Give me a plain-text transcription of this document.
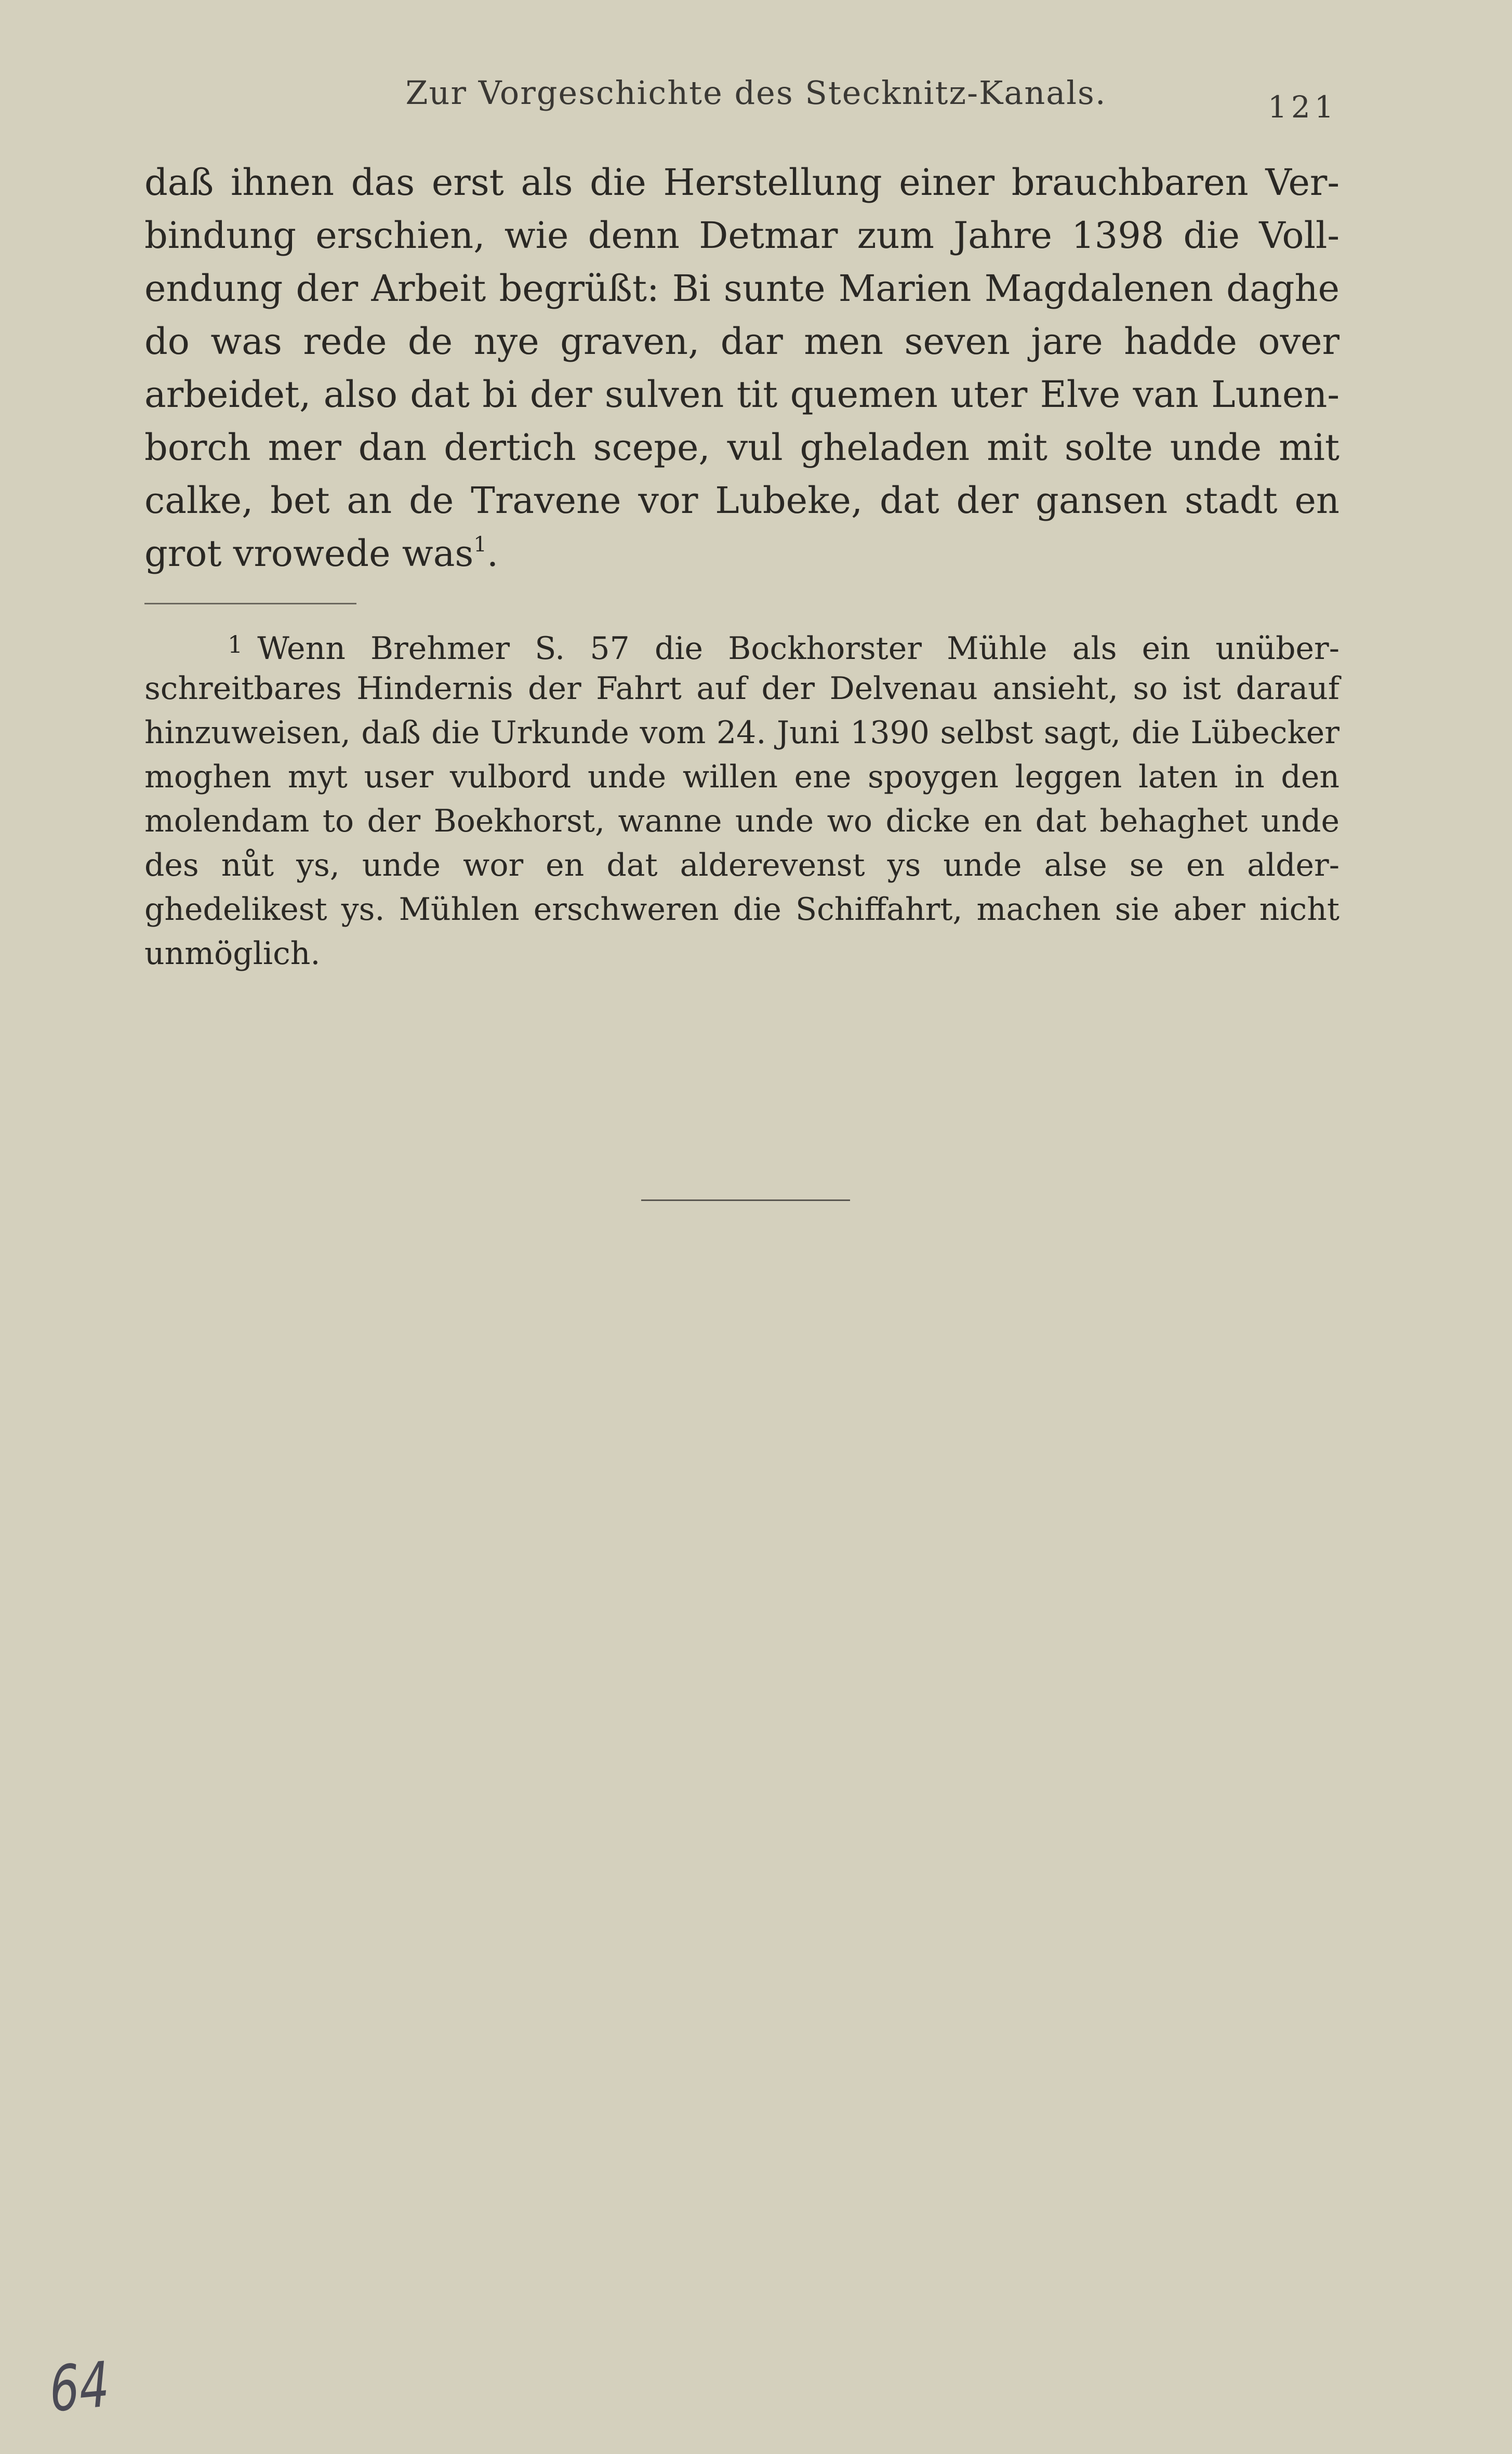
Zur Vorgeschichte des Stecknitz-Kanals.	121
daß ihnen das erst als die Herstellung einer brauchbaren Ver-
bindung erschien, wie denn Detmar zum Jahre 1398 die Voll-
endung der Arbeit begrüßt: Bi sunte Marien Magdalenen daghe
do was rede de nye graven, dar men seven jare hadde over
arbeidet, also dat bi der sulven tit quemen uter Elve van Lunen-
borch mer dan dertich scepe, vul gheladen mit solte unde mit
calke, bet an de Travene vor Lubeke, dat der gansen stadt en
grot vrowede was$^1$.
$^1$ Wenn Brehmer S. 57 die Bockhorster Mühle als ein unüber-
schreitbares Hindernis der Fahrt auf der Delvenau ansieht, so ist darauf
hinzuweisen, daß die Urkunde vom 24. Juni 1390 selbst sagt, die Lübecker
moghen myt user vulbord unde willen ene spoygen leggen laten in den
molendam to der Boekhorst, wanne unde wo dicke en dat behaghet unde
des nůt ys, unde wor en dat alderevenst ys unde alse se en alder-
ghedelikest ys. Mühlen erschweren die Schiffahrt, machen sie aber nicht
unmöglich.
64
